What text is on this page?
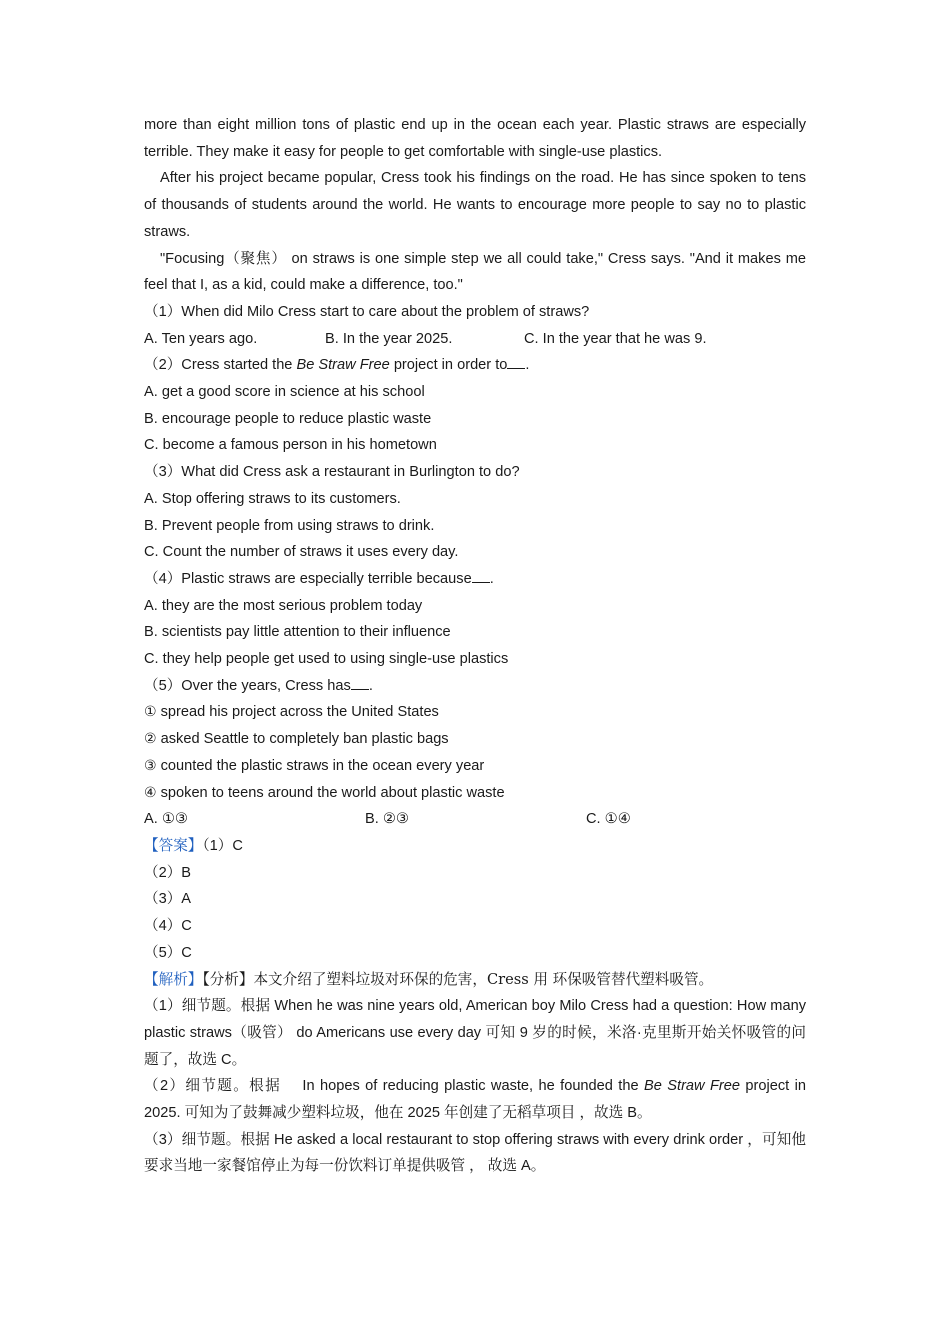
more than eight million tons of plastic end up in the ocean each year. Plastic straws are especially terrible. They make it easy for people to get comfortable with single-use plastics.

After his project became popular, Cress took his findings on the road. He has since spoken to tens of thousands of students around the world. He wants to encourage more people to say no to plastic straws.

"Focusing（聚焦） on straws is one simple step we all could take," Cress says. "And it makes me feel that I, as a kid, could make a difference, too."

（1）When did Milo Cress start to care about the problem of straws?

A. Ten years ago.	B. In the year 2025.	C. In the year that he was 9.

（2）Cress started the Be Straw Free project in order to .

A. get a good score in science at his school

B. encourage people to reduce plastic waste

C. become a famous person in his hometown

（3）What did Cress ask a restaurant in Burlington to do?

A. Stop offering straws to its customers.

B. Prevent people from using straws to drink.

C. Count the number of straws it uses every day.

（4）Plastic straws are especially terrible because .

A. they are the most serious problem today

B. scientists pay little attention to their influence

C. they help people get used to using single-use plastics

（5）Over the years, Cress has .

① spread his project across the United States

② asked Seattle to completely ban plastic bags

③ counted the plastic straws in the ocean every year

④ spoken to teens around the world about plastic waste

A. ①③	B. ②③	C. ①④

【答案】（1）C

（2）B

（3）A

（4）C

（5）C

【解析】【分析】本文介绍了塑料垃圾对环保的危害，Cress 用 环保吸管替代塑料吸管。

（1）细节题。根据 When he was nine years old, American boy Milo Cress had a question: How many plastic straws（吸管） do Americans use every day 可知 9 岁的时候，米洛·克里斯开始关怀吸管的问题了，故选 C。

（2）细节题。根据　 In hopes of reducing plastic waste, he founded the Be Straw Free project in 2025. 可知为了鼓舞减少塑料垃圾，他在 2025 年创建了无稻草项目 ，故选 B。

（3）细节题。根据 He asked a local restaurant to stop offering straws with every drink order ，可知他要求当地一家餐馆停止为每一份饮料订单提供吸管 ， 故选 A。
